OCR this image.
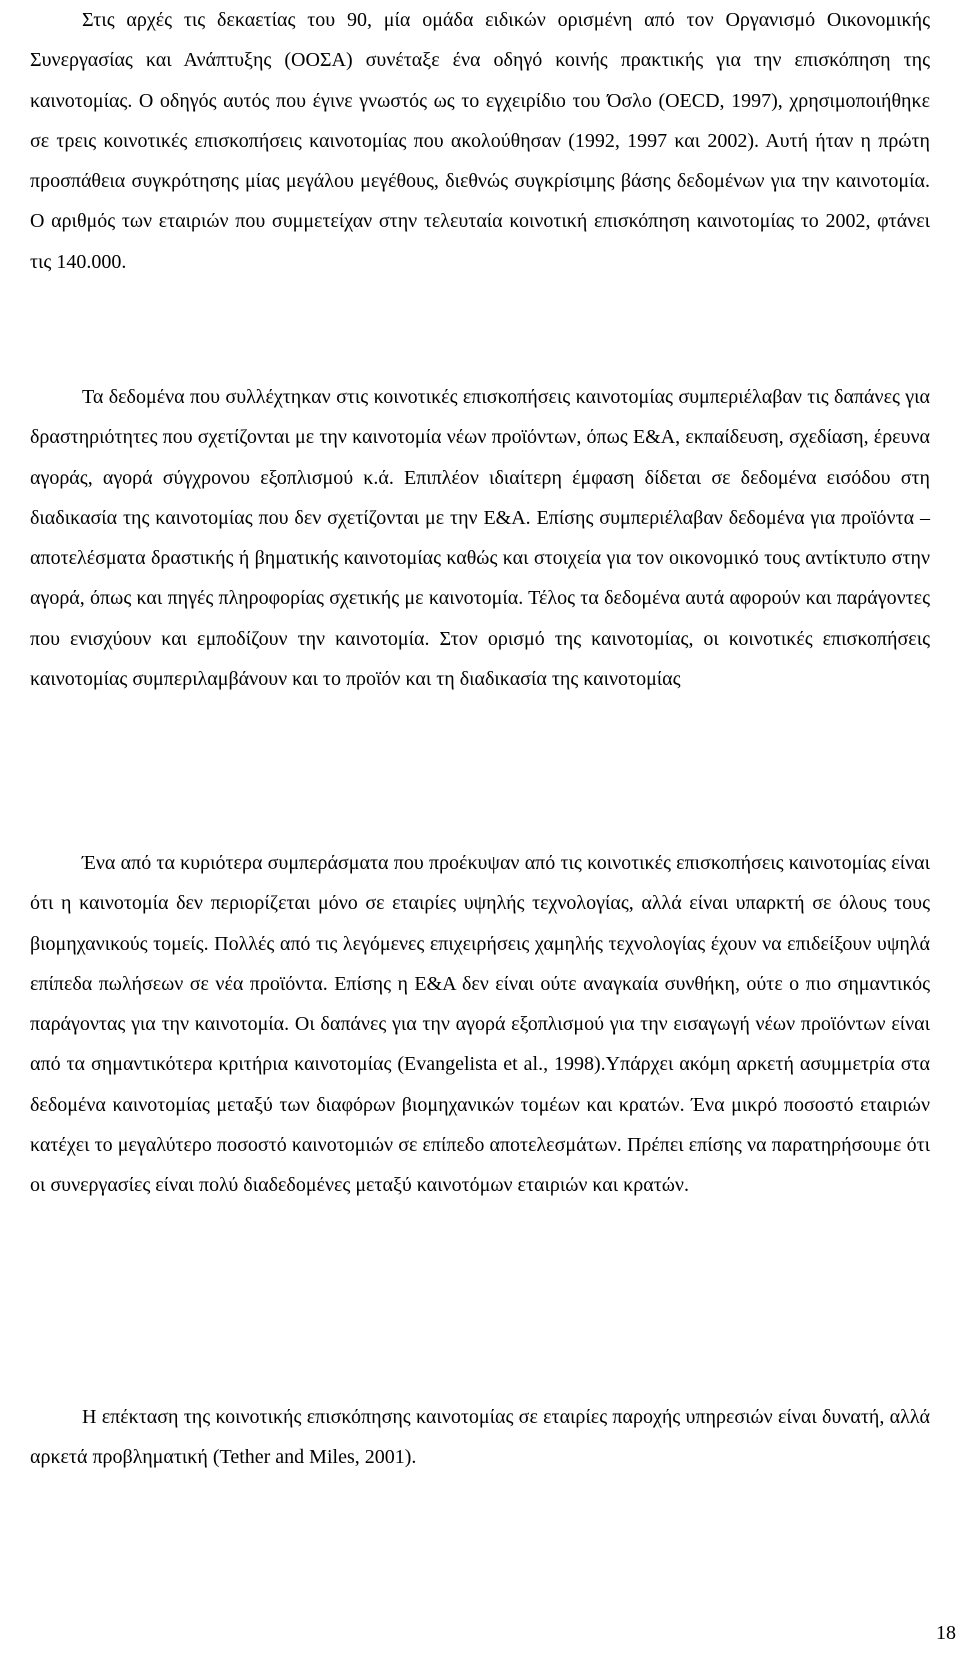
Στις αρχές τις δεκαετίας του 90, μία ομάδα ειδικών ορισμένη από τον Οργανισμό Οικονομικής Συνεργασίας και Ανάπτυξης (ΟΟΣΑ) συνέταξε ένα οδηγό κοινής πρακτικής για την επισκόπηση της καινοτομίας. Ο οδηγός αυτός που έγινε γνωστός ως το εγχειρίδιο του Όσλο (OECD, 1997), χρησιμοποιήθηκε σε τρεις κοινοτικές επισκοπήσεις καινοτομίας που ακολούθησαν (1992, 1997 και 2002). Αυτή ήταν η πρώτη προσπάθεια συγκρότησης μίας μεγάλου μεγέθους, διεθνώς συγκρίσιμης βάσης δεδομένων για την καινοτομία. Ο αριθμός των εταιριών που συμμετείχαν στην τελευταία κοινοτική επισκόπηση καινοτομίας το 2002, φτάνει τις 140.000.

Τα δεδομένα που συλλέχτηκαν στις κοινοτικές επισκοπήσεις καινοτομίας συμπεριέλαβαν τις δαπάνες για δραστηριότητες που σχετίζονται με την καινοτομία νέων προϊόντων, όπως Ε&Α, εκπαίδευση, σχεδίαση, έρευνα αγοράς, αγορά σύγχρονου εξοπλισμού κ.ά. Επιπλέον ιδιαίτερη έμφαση δίδεται σε δεδομένα εισόδου στη διαδικασία της καινοτομίας που δεν σχετίζονται με την Ε&Α. Επίσης συμπεριέλαβαν δεδομένα για προϊόντα – αποτελέσματα δραστικής ή βηματικής καινοτομίας καθώς και στοιχεία για τον οικονομικό τους αντίκτυπο στην αγορά, όπως και πηγές πληροφορίας σχετικής με καινοτομία. Τέλος τα δεδομένα αυτά αφορούν και παράγοντες που ενισχύουν και εμποδίζουν την καινοτομία. Στον ορισμό της καινοτομίας, οι κοινοτικές επισκοπήσεις καινοτομίας συμπεριλαμβάνουν και το προϊόν και τη διαδικασία της καινοτομίας

Ένα από τα κυριότερα συμπεράσματα που προέκυψαν από τις κοινοτικές επισκοπήσεις καινοτομίας είναι ότι η καινοτομία δεν περιορίζεται μόνο σε εταιρίες υψηλής τεχνολογίας, αλλά είναι υπαρκτή σε όλους τους βιομηχανικούς τομείς. Πολλές από τις λεγόμενες επιχειρήσεις χαμηλής τεχνολογίας έχουν να επιδείξουν υψηλά επίπεδα πωλήσεων σε νέα προϊόντα. Επίσης η Ε&Α δεν είναι ούτε αναγκαία συνθήκη, ούτε ο πιο σημαντικός παράγοντας για την καινοτομία. Οι δαπάνες για την αγορά εξοπλισμού για την εισαγωγή νέων προϊόντων είναι από τα σημαντικότερα κριτήρια καινοτομίας (Evangelista et al., 1998).Υπάρχει ακόμη αρκετή ασυμμετρία στα δεδομένα καινοτομίας μεταξύ των διαφόρων βιομηχανικών τομέων και κρατών. Ένα μικρό ποσοστό εταιριών κατέχει το μεγαλύτερο ποσοστό καινοτομιών σε επίπεδο αποτελεσμάτων. Πρέπει επίσης να παρατηρήσουμε ότι οι συνεργασίες είναι πολύ διαδεδομένες μεταξύ καινοτόμων εταιριών και κρατών.

Η επέκταση της κοινοτικής επισκόπησης καινοτομίας σε εταιρίες παροχής υπηρεσιών είναι δυνατή, αλλά αρκετά προβληματική (Tether and Miles, 2001).

18
